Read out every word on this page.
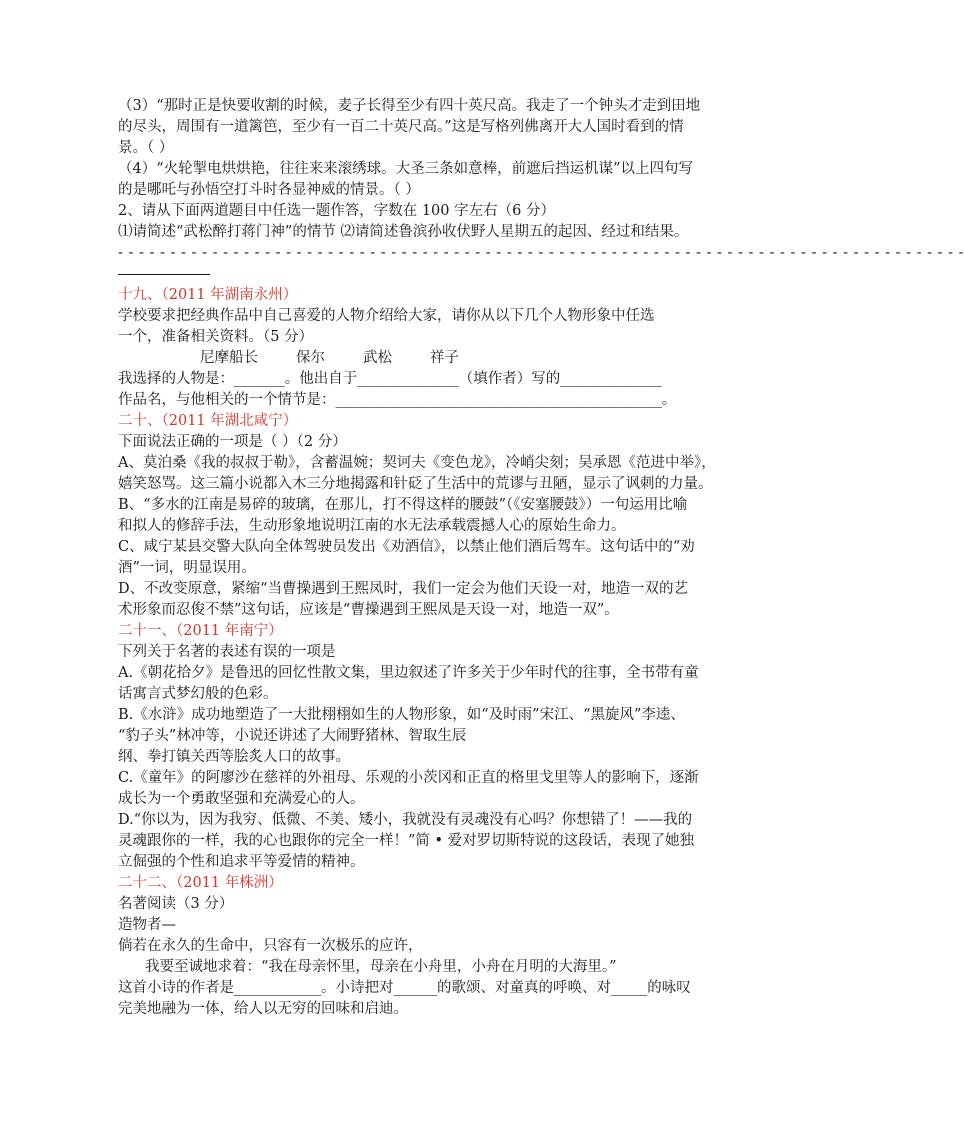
（3）“那时正是快要收割的时候，麦子长得至少有四十英尺高。我走了一个钟头才走到田地
的尽头，周围有一道篱笆，至少有一百二十英尺高。”这是写格列佛离开大人国时看到的情
景。（ ）
（4）“火轮掣电烘烘艳，往往来来滚绣球。大圣三条如意棒，前遮后挡运机谋”以上四句写
的是哪吒与孙悟空打斗时各显神威的情景。（ ）
2、请从下面两道题目中任选一题作答，字数在 100 字左右（6 分）
⑴请简述“武松醉打蒋门神”的情节 ⑵请简述鲁滨孙收伏野人星期五的起因、经过和结果。
- - - - - - - - - - - - - - - - - - - - - - - - - - - - - - - - - - - - - - - - - - - - - - - - - - - - - - - - - - - - - - - - - - - - - - - - - - - - - - - - -
十九、（2011 年湖南永州）
学校要求把经典作品中自己喜爱的人物介绍给大家，请你从以下几个人物形象中任选
一个，准备相关资料。（5 分）
尼摩船长	保尔	武松	祥子
我选择的人物是：_______。他出自于______________（填作者）写的______________
作品名，与他相关的一个情节是：_____________________________________________。
二十、（2011 年湖北咸宁）
下面说法正确的一项是（ ）（2 分）
A、莫泊桑《我的叔叔于勒》，含蓄温婉；契诃夫《变色龙》，冷峭尖刻；吴承恩《范进中举》，
嬉笑怒骂。这三篇小说都入木三分地揭露和针砭了生活中的荒谬与丑陋，显示了讽刺的力量。
B、“多水的江南是易碎的玻璃，在那儿，打不得这样的腰鼓”（《安塞腰鼓》）一句运用比喻
和拟人的修辞手法，生动形象地说明江南的水无法承载震撼人心的原始生命力。
C、咸宁某县交警大队向全体驾驶员发出《劝酒信》，以禁止他们酒后驾车。这句话中的“劝
酒”一词，明显误用。
D、不改变原意，紧缩“当曹操遇到王熙凤时，我们一定会为他们天设一对，地造一双的艺
术形象而忍俊不禁”这句话，应该是“曹操遇到王熙凤是天设一对，地造一双”。
二十一、（2011 年南宁）
下列关于名著的表述有误的一项是
A.《朝花拾夕》是鲁迅的回忆性散文集，里边叙述了许多关于少年时代的往事，全书带有童
话寓言式梦幻般的色彩。
B.《水浒》成功地塑造了一大批栩栩如生的人物形象，如“及时雨”宋江、“黑旋风”李逵、
“豹子头”林冲等，小说还讲述了大闹野猪林、智取生辰
纲、拳打镇关西等脍炙人口的故事。
C.《童年》的阿廖沙在慈祥的外祖母、乐观的小茨冈和正直的格里戈里等人的影响下，逐渐
成长为一个勇敢坚强和充满爱心的人。
D.“你以为，因为我穷、低微、不美、矮小，我就没有灵魂没有心吗？你想错了！——我的
灵魂跟你的一样，我的心也跟你的完全一样！”简 • 爱对罗切斯特说的这段话，表现了她独
立倔强的个性和追求平等爱情的精神。
二十二、（2011 年株洲）
名著阅读（3 分）
造物者—
倘若在永久的生命中，只容有一次极乐的应许，
我要至诚地求着：“我在母亲怀里，母亲在小舟里，小舟在月明的大海里。”
这首小诗的作者是____________。小诗把对______的歌颂、对童真的呼唤、对_____的咏叹
完美地融为一体，给人以无穷的回味和启迪。
